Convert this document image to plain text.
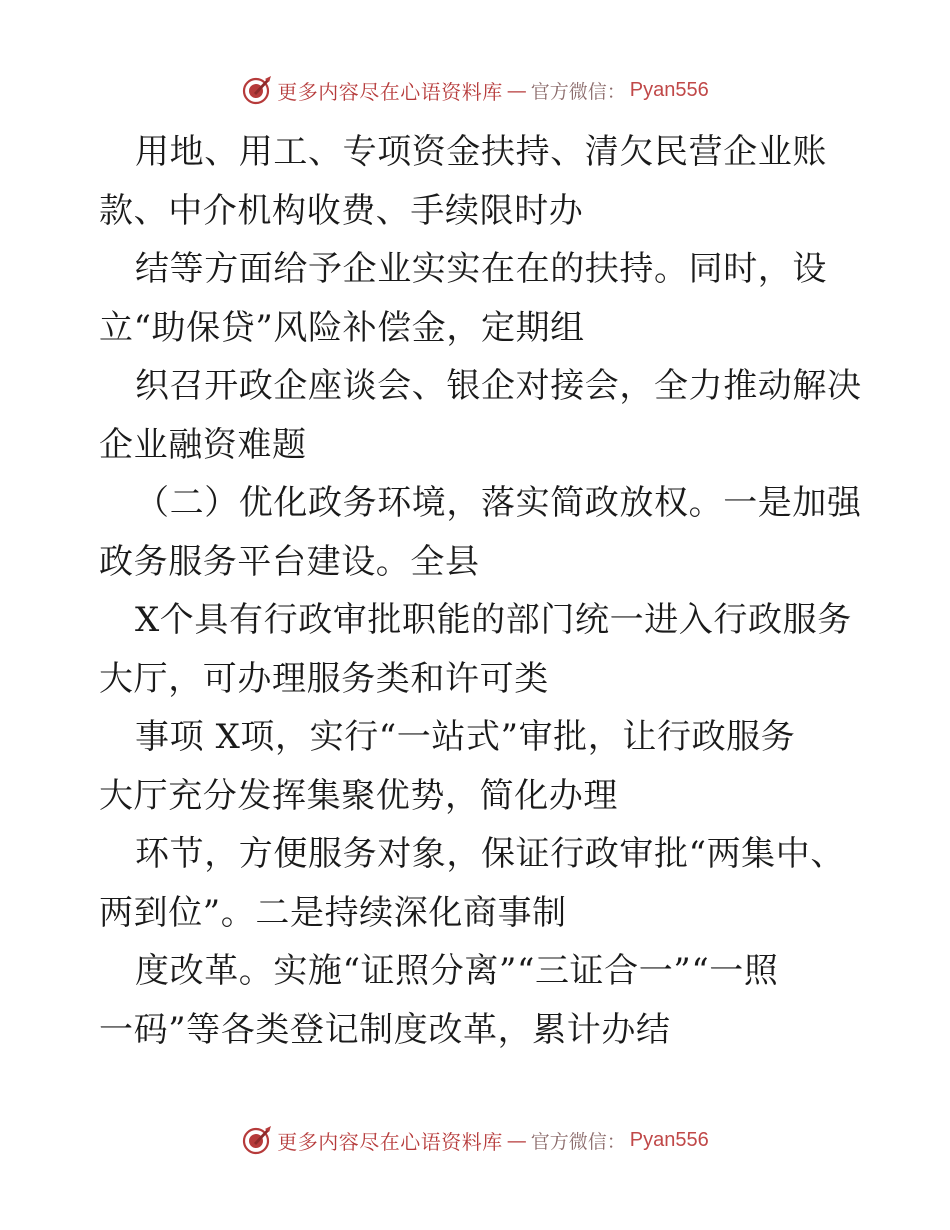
更多内容尽在心语资料库 — 官方微信： Pyan556
用地、用工、专项资金扶持、清欠民营企业账
款、中介机构收费、手续限时办
结等方面给予企业实实在在的扶持。同时，设
立“助保贷”风险补偿金，定期组
织召开政企座谈会、银企对接会，全力推动解决
企业融资难题
（二）优化政务环境，落实简政放权。一是加强
政务服务平台建设。全县
X个具有行政审批职能的部门统一进入行政服务
大厅，可办理服务类和许可类
事项 X项，实行“一站式”审批，让行政服务
大厅充分发挥集聚优势，简化办理
环节，方便服务对象，保证行政审批“两集中、
两到位”。二是持续深化商事制
度改革。实施“证照分离”“三证合一”“一照
一码”等各类登记制度改革，累计办结
更多内容尽在心语资料库 — 官方微信： Pyan556
